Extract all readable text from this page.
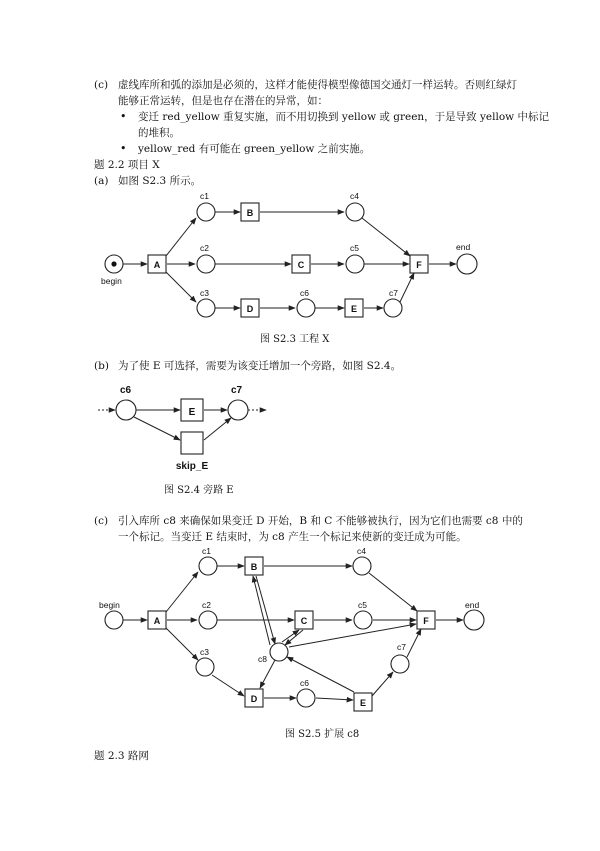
(c) 虚线库所和弧的添加是必须的，这样才能使得模型像德国交通灯一样运转。否则红绿灯
能够正常运转，但是也存在潜在的异常，如：
• 变迁 red_yellow 重复实施，而不用切换到 yellow 或 green，于是导致 yellow 中标记
的堆积。
• yellow_red 有可能在 green_yellow 之前实施。
题 2.2 项目 X
(a) 如图 S2.3 所示。
A
B
C
D	E
F
begin
end
c1
c2
c3
c4
c5
c6	c7
E
c6	c7
skip_E
A
B
C
D	E
F
begin	end
c1
c2
c3
c4
c5
c6
c7
c8
图 S2.3 工程 X
(b) 为了使 E 可选择，需要为该变迁增加一个旁路，如图 S2.4。
图 S2.4 旁路 E
(c) 引入库所 c8 来确保如果变迁 D 开始，B 和 C 不能够被执行，因为它们也需要 c8 中的
一个标记。当变迁 E 结束时，为 c8 产生一个标记来使新的变迁成为可能。
图 S2.5 扩展 c8
题 2.3 路网
